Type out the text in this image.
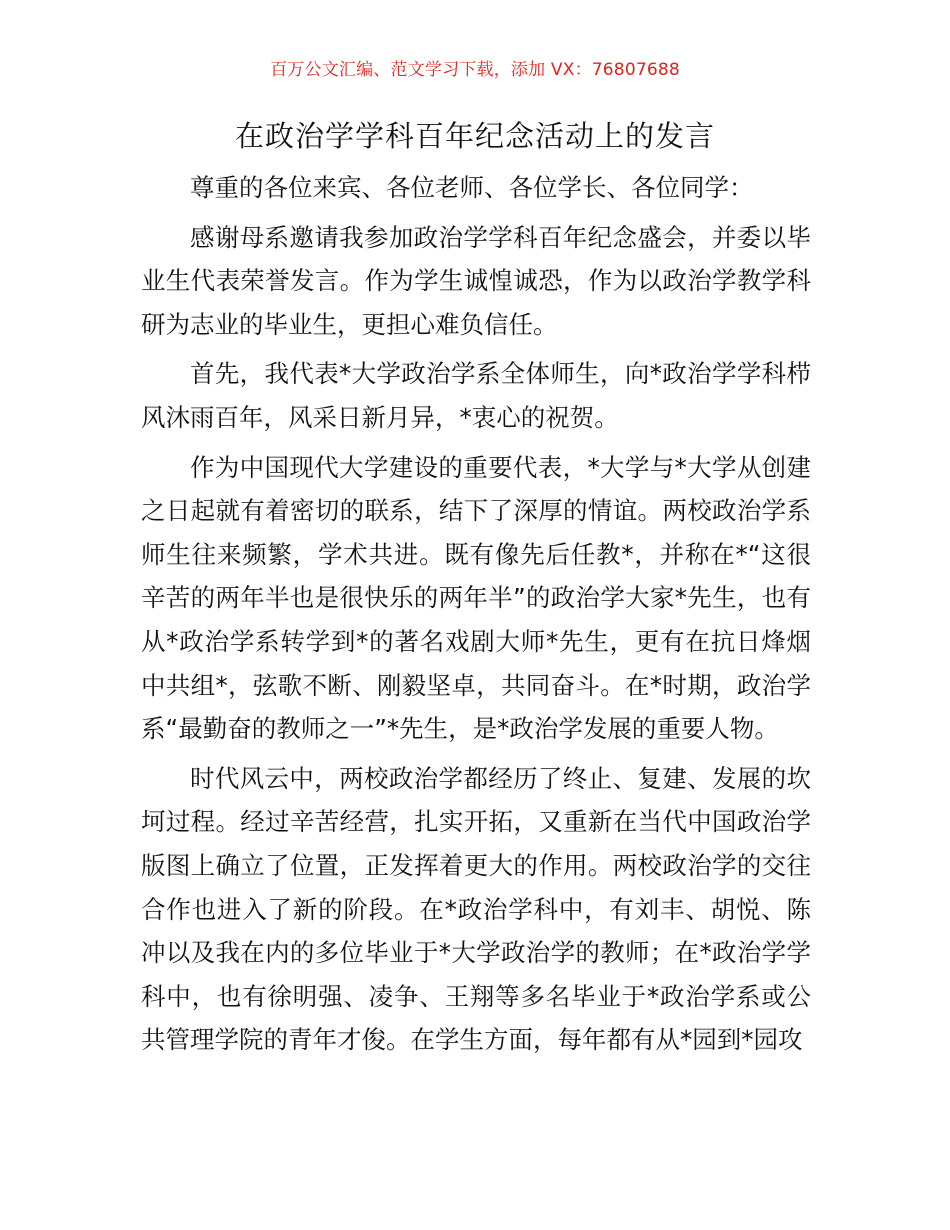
百万公文汇编、范文学习下载，添加 VX：76807688
在政治学学科百年纪念活动上的发言

尊重的各位来宾、各位老师、各位学长、各位同学：

感谢母系邀请我参加政治学学科百年纪念盛会，并委以毕业生代表荣誉发言。作为学生诚惶诚恐，作为以政治学教学科研为志业的毕业生，更担心难负信任。

首先，我代表*大学政治学系全体师生，向*政治学学科栉风沐雨百年，风采日新月异，*衷心的祝贺。

作为中国现代大学建设的重要代表，*大学与*大学从创建之日起就有着密切的联系，结下了深厚的情谊。两校政治学系师生往来频繁，学术共进。既有像先后任教*，并称在*“这很辛苦的两年半也是很快乐的两年半”的政治学大家*先生，也有从*政治学系转学到*的著名戏剧大师*先生，更有在抗日烽烟中共组*，弦歌不断、刚毅坚卓，共同奋斗。在*时期，政治学系“最勤奋的教师之一”*先生，是*政治学发展的重要人物。

时代风云中，两校政治学都经历了终止、复建、发展的坎坷过程。经过辛苦经营，扎实开拓，又重新在当代中国政治学版图上确立了位置，正发挥着更大的作用。两校政治学的交往合作也进入了新的阶段。在*政治学科中，有刘丰、胡悦、陈冲以及我在内的多位毕业于*大学政治学的教师；在*政治学学科中，也有徐明强、凌争、王翔等多名毕业于*政治学系或公共管理学院的青年才俊。在学生方面，每年都有从*园到*园攻
